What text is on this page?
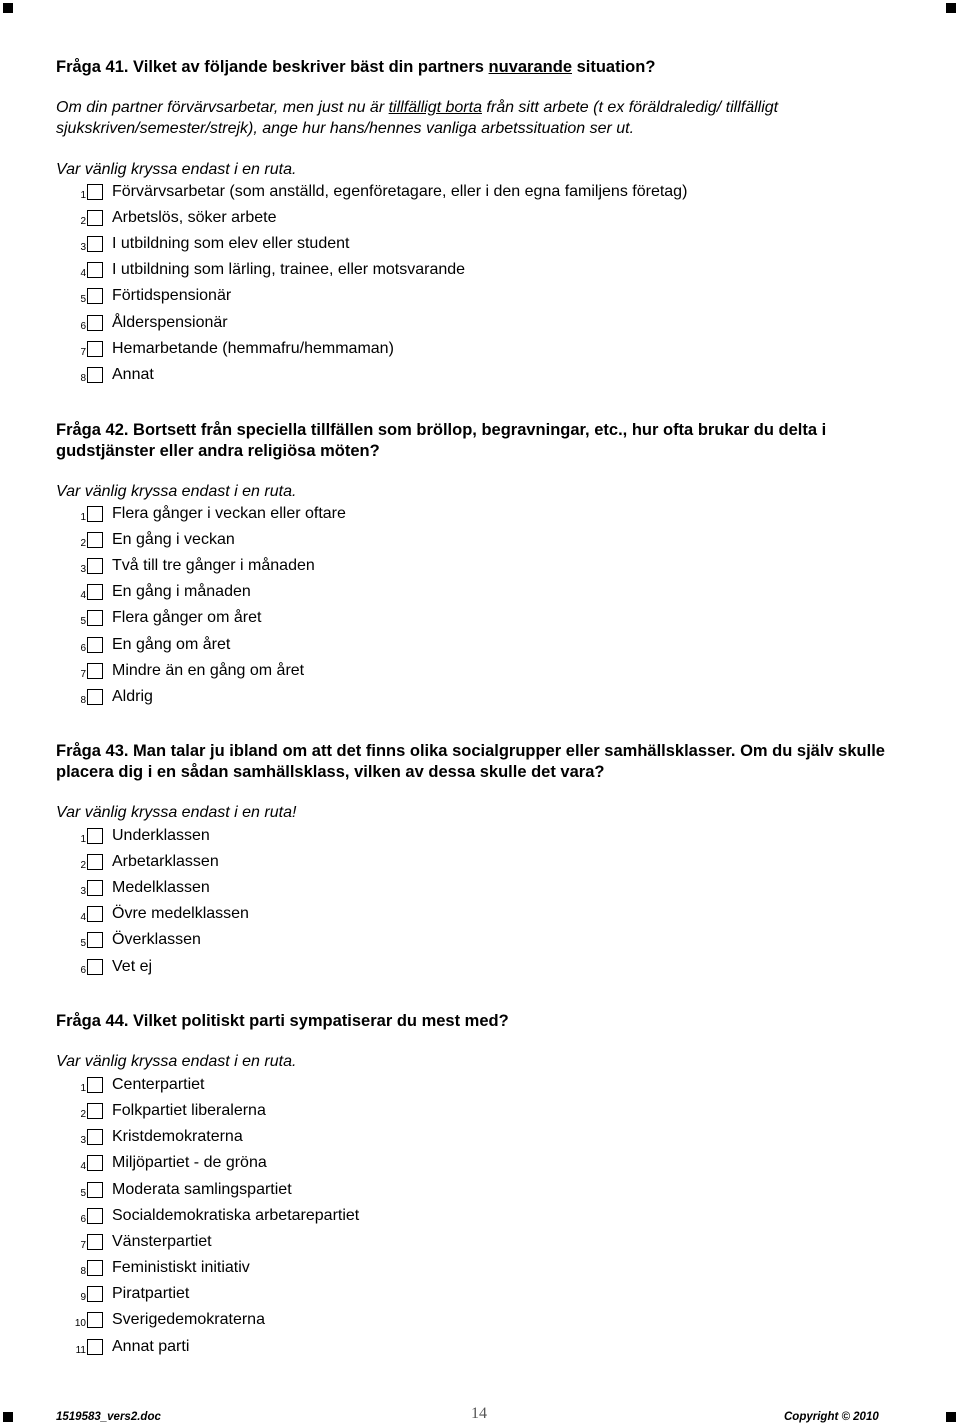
Fråga 41. Vilket av följande beskriver bäst din partners nuvarande situation?

Om din partner förvärvsarbetar, men just nu är tillfälligt borta från sitt arbete (t ex föräldraledig/ tillfälligt sjukskriven/semester/strejk), ange hur hans/hennes vanliga arbetssituation ser ut.

Var vänlig kryssa endast i en ruta.

1 Förvärvsarbetar (som anställd, egenföretagare, eller i den egna familjens företag)
2 Arbetslös, söker arbete
3 I utbildning som elev eller student
4 I utbildning som lärling, trainee, eller motsvarande
5 Förtidspensionär
6 Ålderspensionär
7 Hemarbetande (hemmafru/hemmaman)
8 Annat

Fråga 42. Bortsett från speciella tillfällen som bröllop, begravningar, etc., hur ofta brukar du delta i gudstjänster eller andra religiösa möten?

Var vänlig kryssa endast i en ruta.

1 Flera gånger i veckan eller oftare
2 En gång i veckan
3 Två till tre gånger i månaden
4 En gång i månaden
5 Flera gånger om året
6 En gång om året
7 Mindre än en gång om året
8 Aldrig

Fråga 43. Man talar ju ibland om att det finns olika socialgrupper eller samhällsklasser. Om du själv skulle placera dig i en sådan samhällsklass, vilken av dessa skulle det vara?

Var vänlig kryssa endast i en ruta!

1 Underklassen
2 Arbetarklassen
3 Medelklassen
4 Övre medelklassen
5 Överklassen
6 Vet ej

Fråga 44. Vilket politiskt parti sympatiserar du mest med?

Var vänlig kryssa endast i en ruta.

1 Centerpartiet
2 Folkpartiet liberalerna
3 Kristdemokraterna
4 Miljöpartiet - de gröna
5 Moderata samlingspartiet
6 Socialdemokratiska arbetarepartiet
7 Vänsterpartiet
8 Feministiskt initiativ
9 Piratpartiet
10 Sverigedemokraterna
11 Annat parti
1519583_vers2.doc	14	Copyright © 2010
